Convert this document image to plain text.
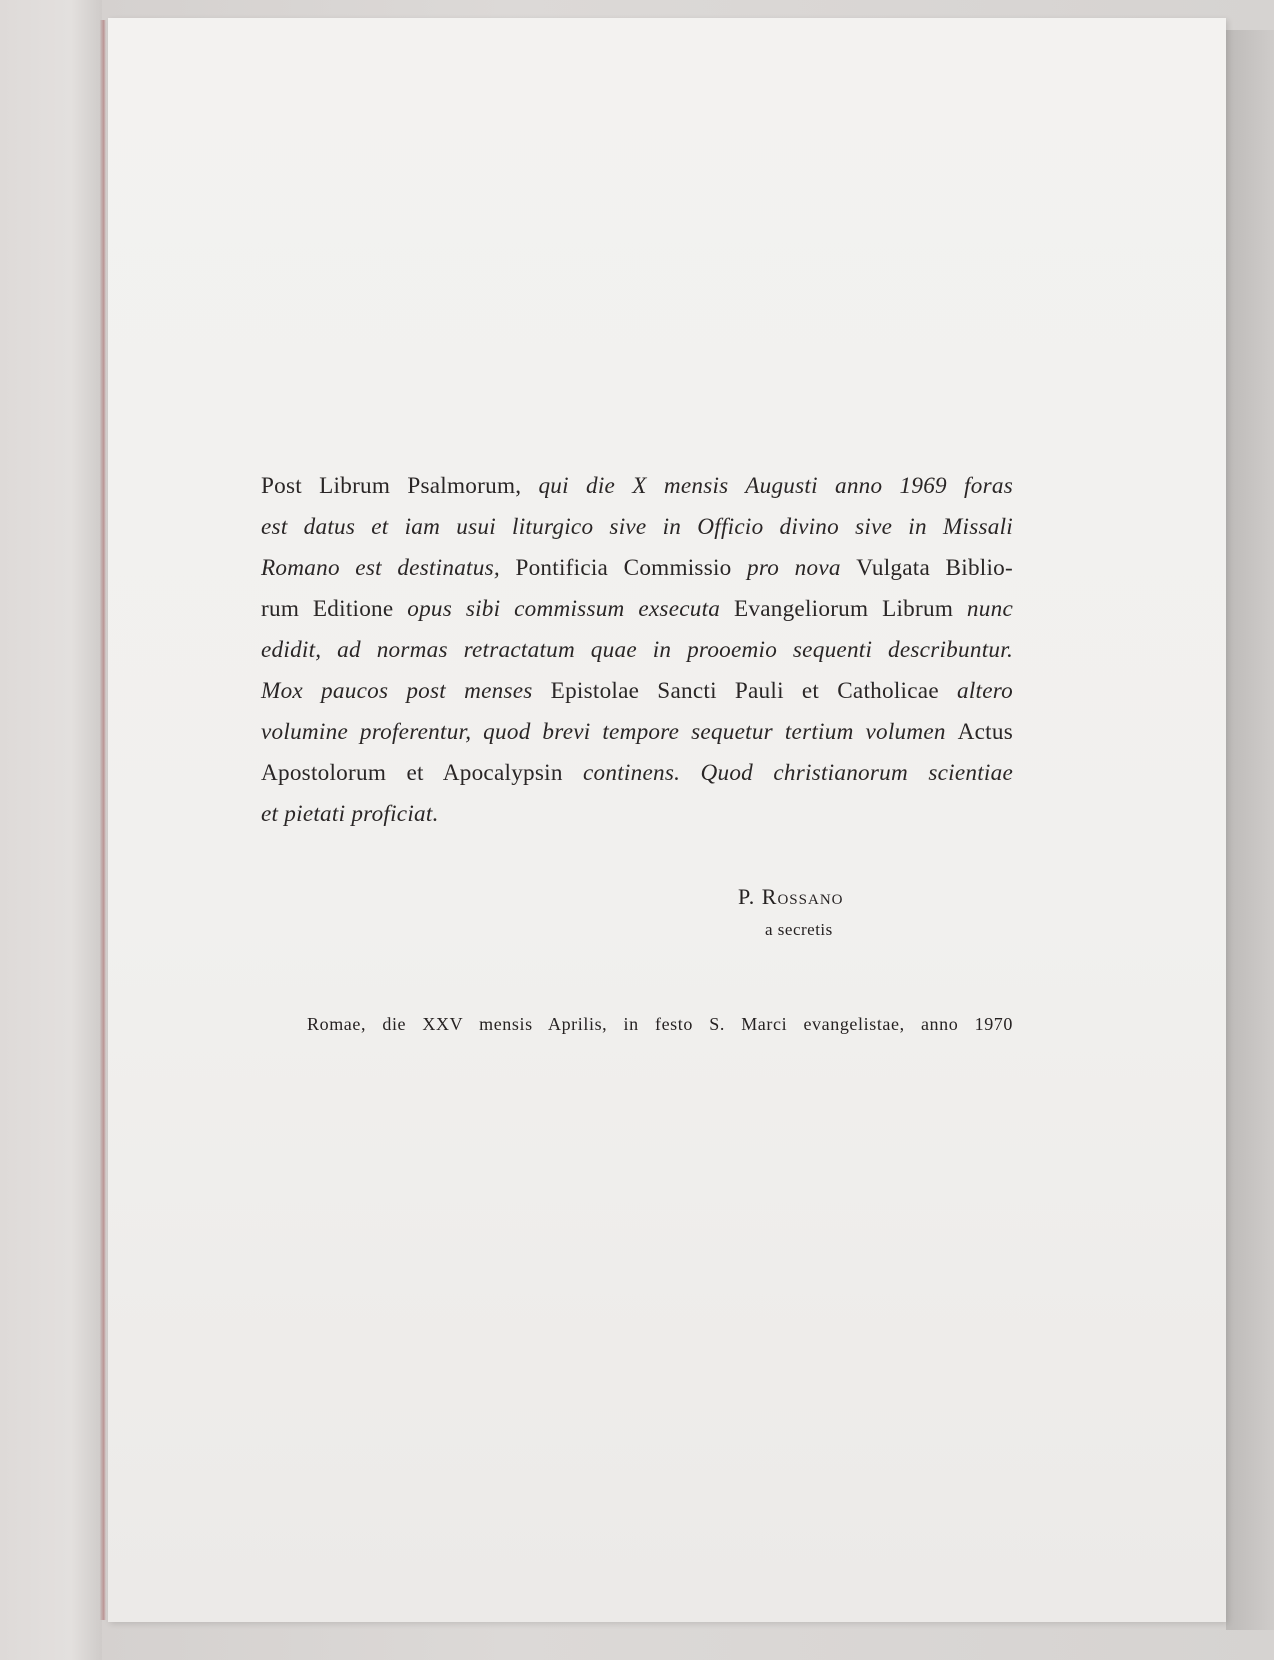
Post Librum Psalmorum, qui die X mensis Augusti anno 1969 foras
est datus et iam usui liturgico sive in Officio divino sive in Missali
Romano est destinatus, Pontificia Commissio pro nova Vulgata Biblio-
rum Editione opus sibi commissum exsecuta Evangeliorum Librum nunc
edidit, ad normas retractatum quae in prooemio sequenti describuntur.
Mox paucos post menses Epistolae Sancti Pauli et Catholicae altero
volumine proferentur, quod brevi tempore sequetur tertium volumen Actus
Apostolorum et Apocalypsin continens. Quod christianorum scientiae
et pietati proficiat.

P. Rossano
a secretis
Romae, die XXV mensis Aprilis, in festo S. Marci evangelistae, anno 1970
